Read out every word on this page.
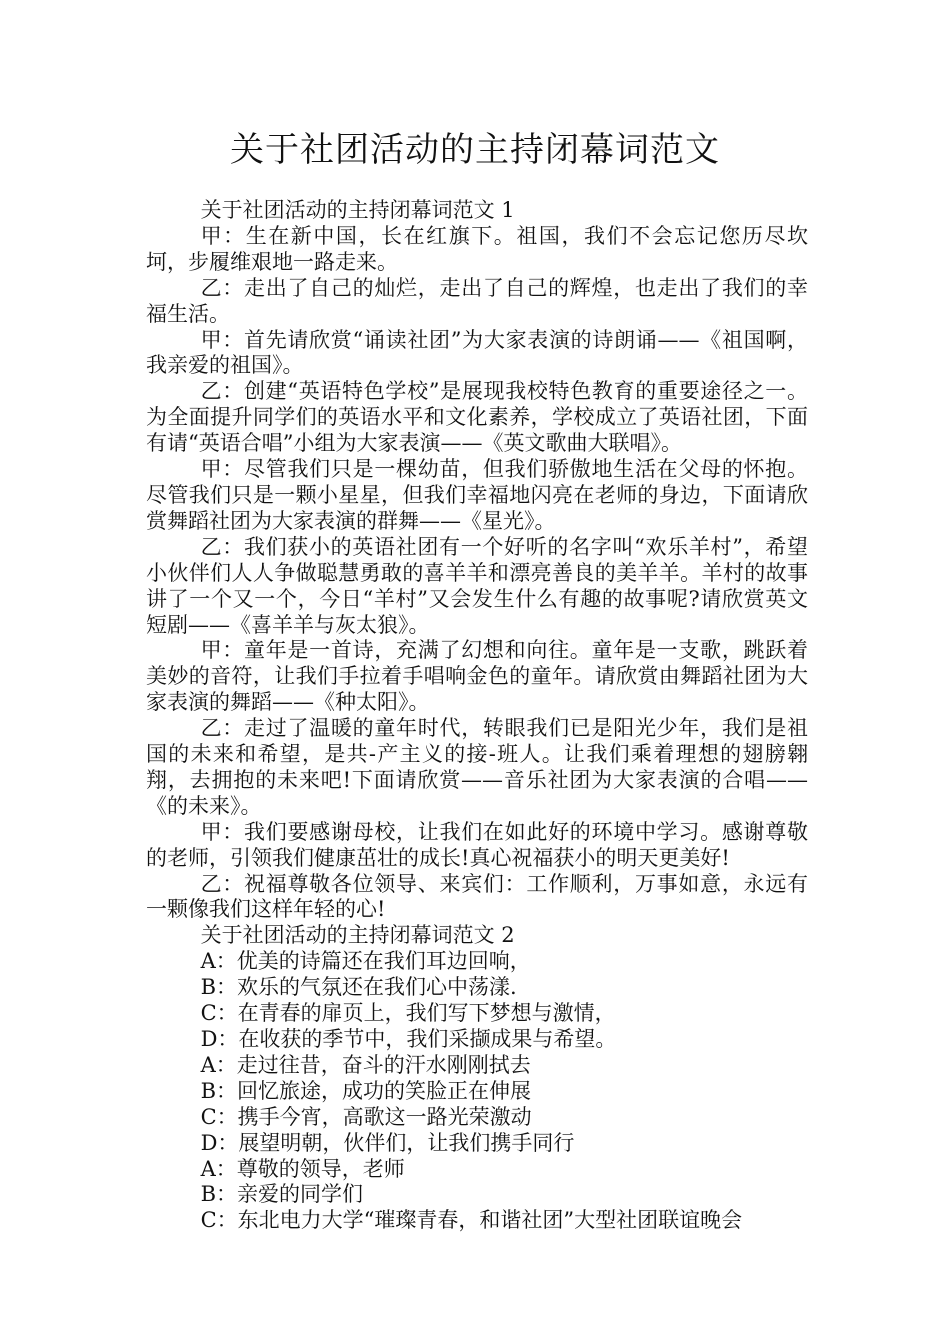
关于社团活动的主持闭幕词范文

关于社团活动的主持闭幕词范文 1

甲：生在新中国，长在红旗下。祖国，我们不会忘记您历尽坎坷，步履维艰地一路走来。

乙：走出了自己的灿烂，走出了自己的辉煌，也走出了我们的幸福生活。

甲：首先请欣赏“诵读社团”为大家表演的诗朗诵——《祖国啊，我亲爱的祖国》。

乙：创建“英语特色学校”是展现我校特色教育的重要途径之一。为全面提升同学们的英语水平和文化素养，学校成立了英语社团，下面有请“英语合唱”小组为大家表演——《英文歌曲大联唱》。

甲：尽管我们只是一棵幼苗，但我们骄傲地生活在父母的怀抱。尽管我们只是一颗小星星，但我们幸福地闪亮在老师的身边，下面请欣赏舞蹈社团为大家表演的群舞——《星光》。

乙：我们获小的英语社团有一个好听的名字叫“欢乐羊村”，希望小伙伴们人人争做聪慧勇敢的喜羊羊和漂亮善良的美羊羊。羊村的故事讲了一个又一个，今日“羊村”又会发生什么有趣的故事呢?请欣赏英文短剧——《喜羊羊与灰太狼》。

甲：童年是一首诗，充满了幻想和向往。童年是一支歌，跳跃着美妙的音符，让我们手拉着手唱响金色的童年。请欣赏由舞蹈社团为大家表演的舞蹈——《种太阳》。

乙：走过了温暖的童年时代，转眼我们已是阳光少年，我们是祖国的未来和希望，是共-产主义的接-班人。让我们乘着理想的翅膀翱翔，去拥抱的未来吧!下面请欣赏——音乐社团为大家表演的合唱——《的未来》。

甲：我们要感谢母校，让我们在如此好的环境中学习。感谢尊敬的老师，引领我们健康茁壮的成长!真心祝福获小的明天更美好!

乙：祝福尊敬各位领导、来宾们：工作顺利，万事如意，永远有一颗像我们这样年轻的心!

关于社团活动的主持闭幕词范文 2

A：优美的诗篇还在我们耳边回响，

B：欢乐的气氛还在我们心中荡漾.

C：在青春的扉页上，我们写下梦想与激情，

D：在收获的季节中，我们采撷成果与希望。

A：走过往昔，奋斗的汗水刚刚拭去

B：回忆旅途，成功的笑脸正在伸展

C：携手今宵，高歌这一路光荣激动

D：展望明朝，伙伴们，让我们携手同行

A：尊敬的领导，老师

B：亲爱的同学们

C：东北电力大学“璀璨青春，和谐社团”大型社团联谊晚会
